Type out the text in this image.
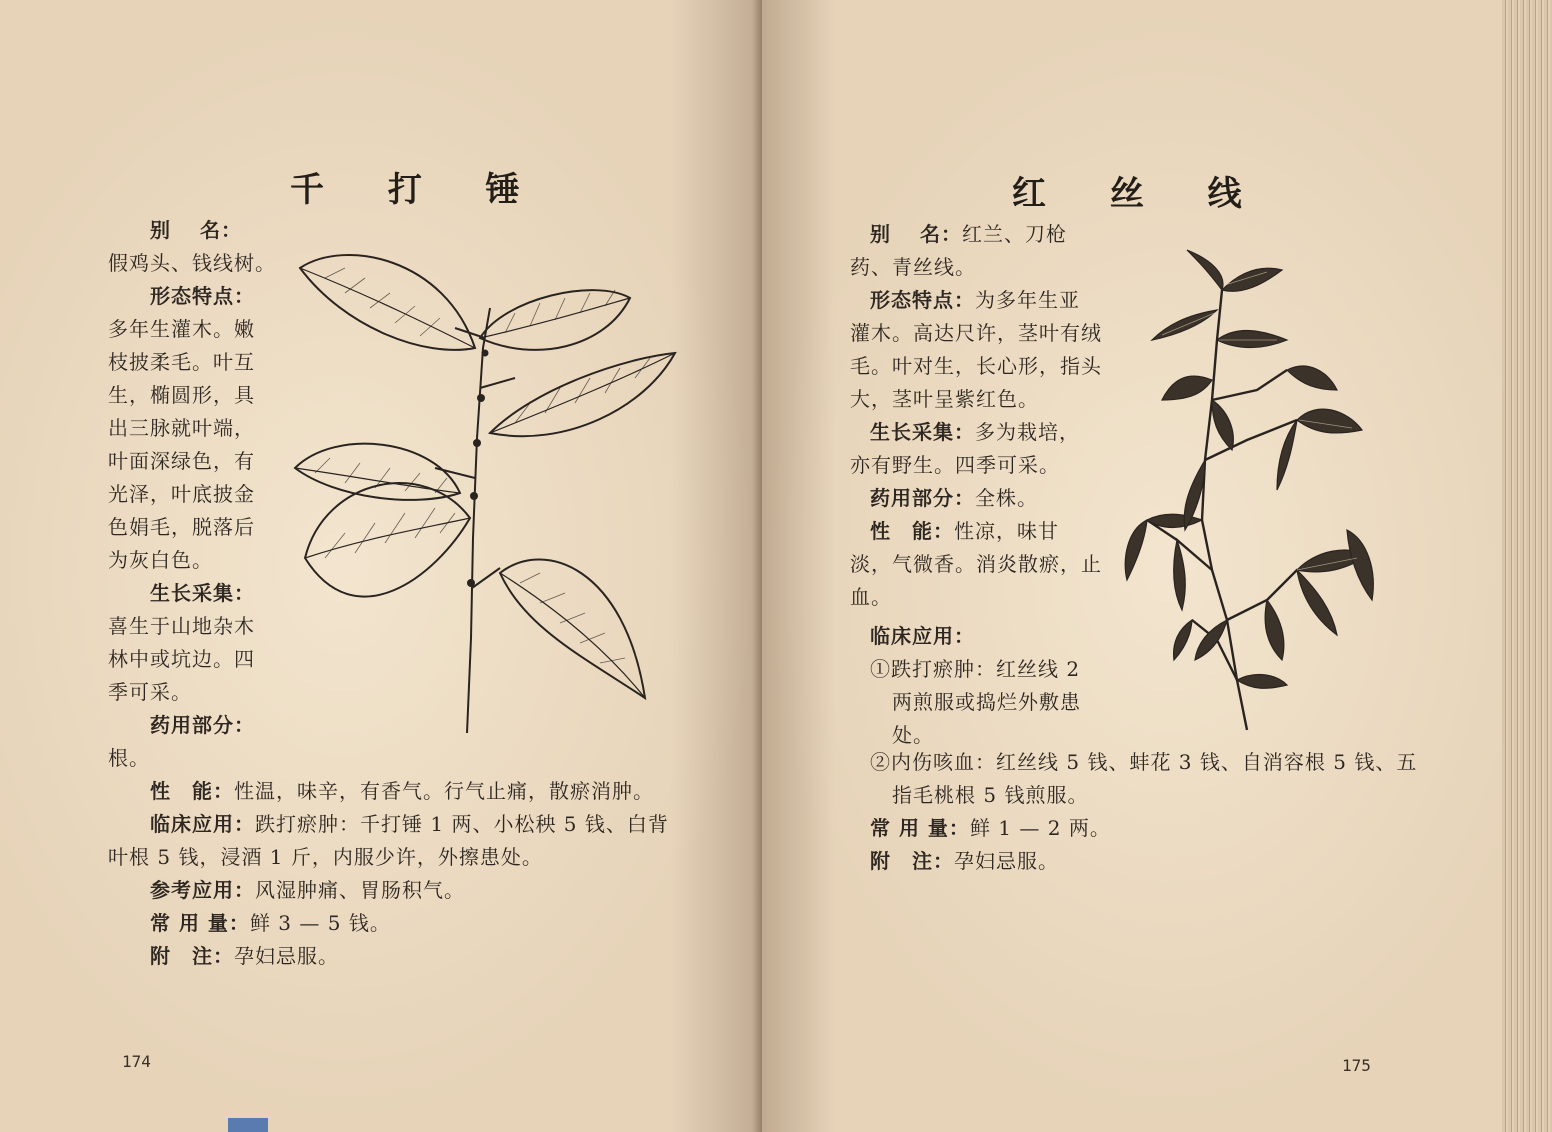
千 打 锤
别　 名：
假鸡头、钱线树。
形态特点：
多年生灌木。嫩
枝披柔毛。叶互
生，椭圆形，具
出三脉就叶端，
叶面深绿色，有
光泽，叶底披金
色娟毛，脱落后
为灰白色。
生长采集：
喜生于山地杂木
林中或坑边。四
季可采。
药用部分：
根。
性　能：性温，味辛，有香气。行气止痛，散瘀消肿。
临床应用：跌打瘀肿：千打锤 1 两、小松秧 5 钱、白背
叶根 5 钱，浸酒 1 斤，内服少许，外擦患处。
参考应用：风湿肿痛、胃肠积气。
常 用 量：鲜 3 — 5 钱。
附　注：孕妇忌服。
174
红 丝 线
别　 名：红兰、刀枪
药、青丝线。
形态特点：为多年生亚
灌木。高达尺许，茎叶有绒
毛。叶对生，长心形，指头
大，茎叶呈紫红色。
生长采集：多为栽培，
亦有野生。四季可采。
药用部分：全株。
性　能：性凉，味甘
淡，气微香。消炎散瘀，止
血。
临床应用：
①跌打瘀肿：红丝线 2
两煎服或捣烂外敷患
处。
②内伤咳血：红丝线 5 钱、蚌花 3 钱、自消容根 5 钱、五
指毛桃根 5 钱煎服。
常 用 量：鲜 1 — 2 两。
附　注：孕妇忌服。
175
